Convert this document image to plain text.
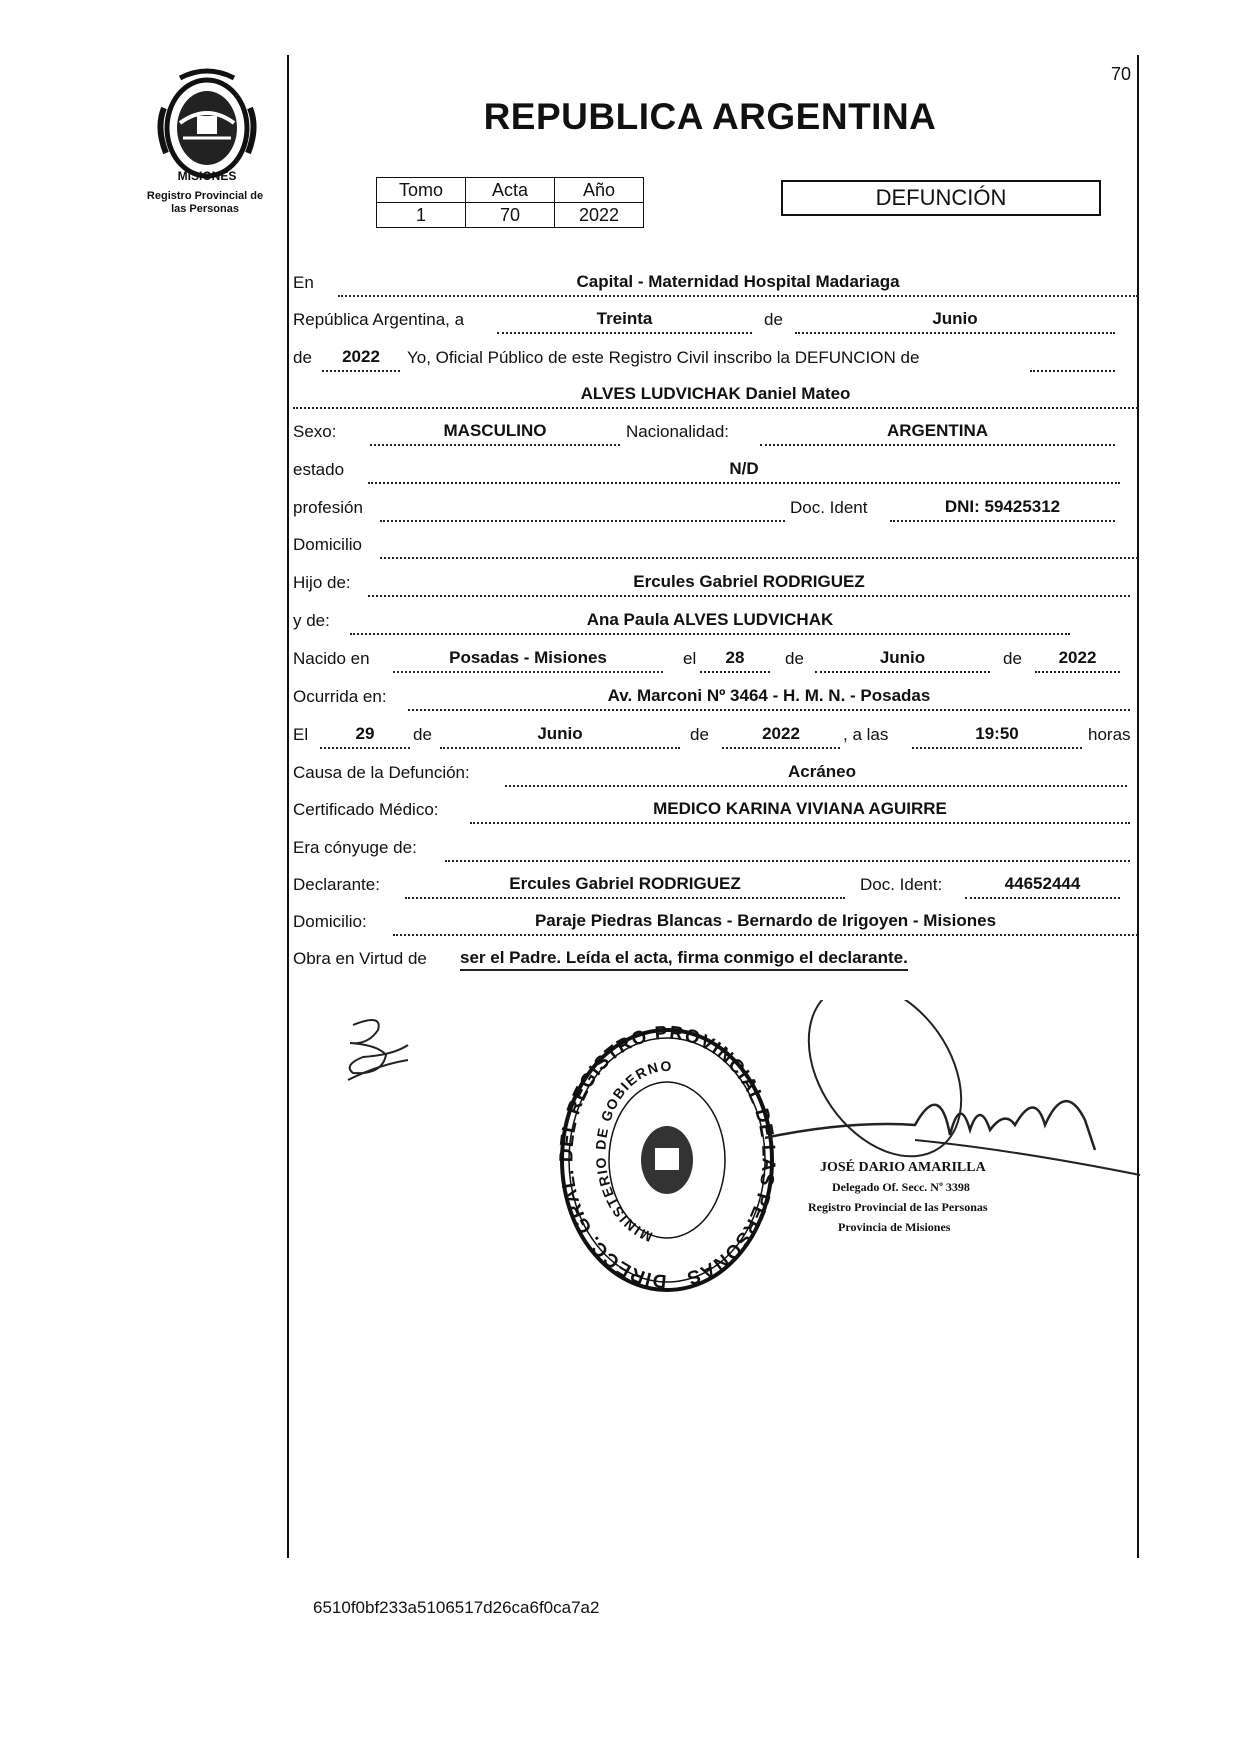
70
MISIONES
Registro Provincial de
las Personas
REPUBLICA ARGENTINA
Tomo	Acta	Año
1	70	2022
DEFUNCIÓN
En	Capital - Maternidad Hospital Madariaga
República Argentina, a	Treinta	de	Junio
de	2022	Yo, Oficial Público de este Registro Civil inscribo la DEFUNCION de
ALVES LUDVICHAK Daniel Mateo
Sexo:	MASCULINO	Nacionalidad:	ARGENTINA
estado	N/D
profesión	Doc. Ident	DNI: 59425312
Domicilio
Hijo de:	Ercules Gabriel RODRIGUEZ
y de:	Ana Paula ALVES LUDVICHAK
Nacido en	Posadas - Misiones	el	28	de	Junio	de	2022
Ocurrida en:	Av. Marconi Nº 3464 - H. M. N. - Posadas
El	29	de	Junio	de	2022	, a las	19:50	horas
Causa de la Defunción:	Acráneo
Certificado Médico:	MEDICO KARINA VIVIANA AGUIRRE
Era cónyuge de:
Declarante:	Ercules Gabriel RODRIGUEZ	Doc. Ident:	44652444
Domicilio:	Paraje Piedras Blancas - Bernardo de Irigoyen - Misiones
Obra en Virtud de ser el Padre. Leída el acta, firma conmigo el declarante.
DIRECC. GRAL. DEL REGISTRO PROVINCIAL DE LAS PERSONAS
MINISTERIO DE GOBIERNO
JOSÉ DARIO AMARILLA
Delegado Of. Secc. Nº 3398
Registro Provincial de las Personas
Provincia de Misiones
6510f0bf233a5106517d26ca6f0ca7a2
